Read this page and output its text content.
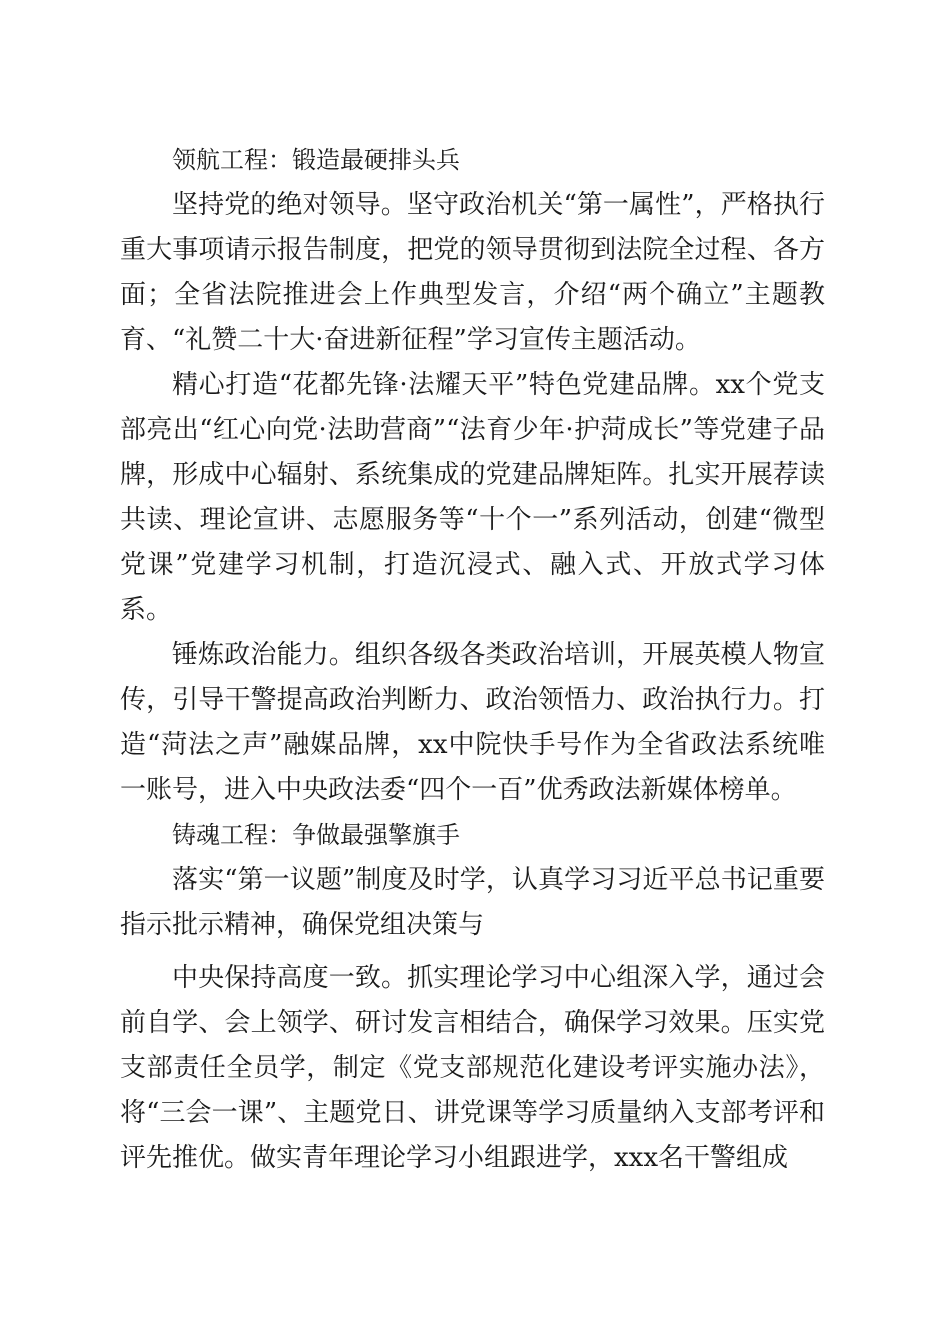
领航工程：锻造最硬排头兵

坚持党的绝对领导。坚守政治机关“第一属性”，严格执行重大事项请示报告制度，把党的领导贯彻到法院全过程、各方面；全省法院推进会上作典型发言，介绍“两个确立”主题教育、“礼赞二十大·奋进新征程”学习宣传主题活动。

精心打造“花都先锋·法耀天平”特色党建品牌。xx个党支部亮出“红心向党·法助营商”“法育少年·护菏成长”等党建子品牌，形成中心辐射、系统集成的党建品牌矩阵。扎实开展荐读共读、理论宣讲、志愿服务等“十个一”系列活动，创建“微型党课”党建学习机制，打造沉浸式、融入式、开放式学习体系。

锤炼政治能力。组织各级各类政治培训，开展英模人物宣传，引导干警提高政治判断力、政治领悟力、政治执行力。打造“菏法之声”融媒品牌，xx中院快手号作为全省政法系统唯一账号，进入中央政法委“四个一百”优秀政法新媒体榜单。

铸魂工程：争做最强擎旗手

落实“第一议题”制度及时学，认真学习习近平总书记重要指示批示精神，确保党组决策与

中央保持高度一致。抓实理论学习中心组深入学，通过会前自学、会上领学、研讨发言相结合，确保学习效果。压实党支部责任全员学，制定《党支部规范化建设考评实施办法》，将“三会一课”、主题党日、讲党课等学习质量纳入支部考评和评先推优。做实青年理论学习小组跟进学，xxx名干警组成
